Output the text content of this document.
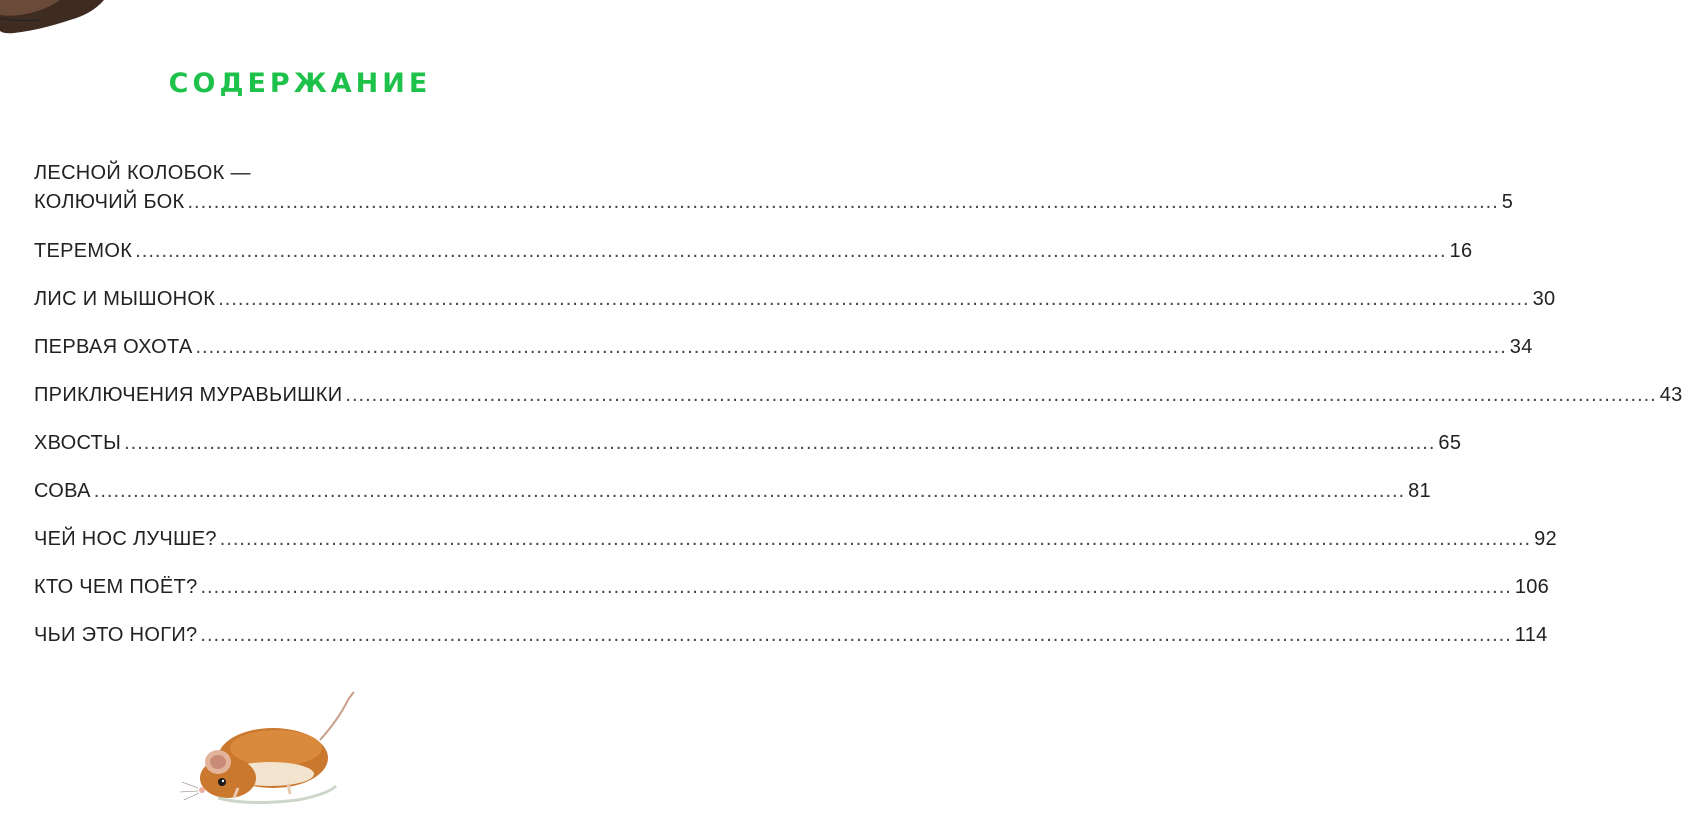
СОДЕРЖАНИЕ
ЛЕСНОЙ КОЛОБОК —
КОЛЮЧИЙ БОК ........................................................................................................................................................................................................ 5
ТЕРЕМОК ........................................................................................................................................................................................................ 16
ЛИС И МЫШОНОК ........................................................................................................................................................................................................ 30
ПЕРВАЯ ОХОТА ........................................................................................................................................................................................................ 34
ПРИКЛЮЧЕНИЯ МУРАВЬИШКИ ........................................................................................................................................................................................................ 43
ХВОСТЫ ........................................................................................................................................................................................................ 65
СОВА ........................................................................................................................................................................................................ 81
ЧЕЙ НОС ЛУЧШЕ? ........................................................................................................................................................................................................ 92
КТО ЧЕМ ПОЁТ? ........................................................................................................................................................................................................ 106
ЧЬИ ЭТО НОГИ? ........................................................................................................................................................................................................ 114
